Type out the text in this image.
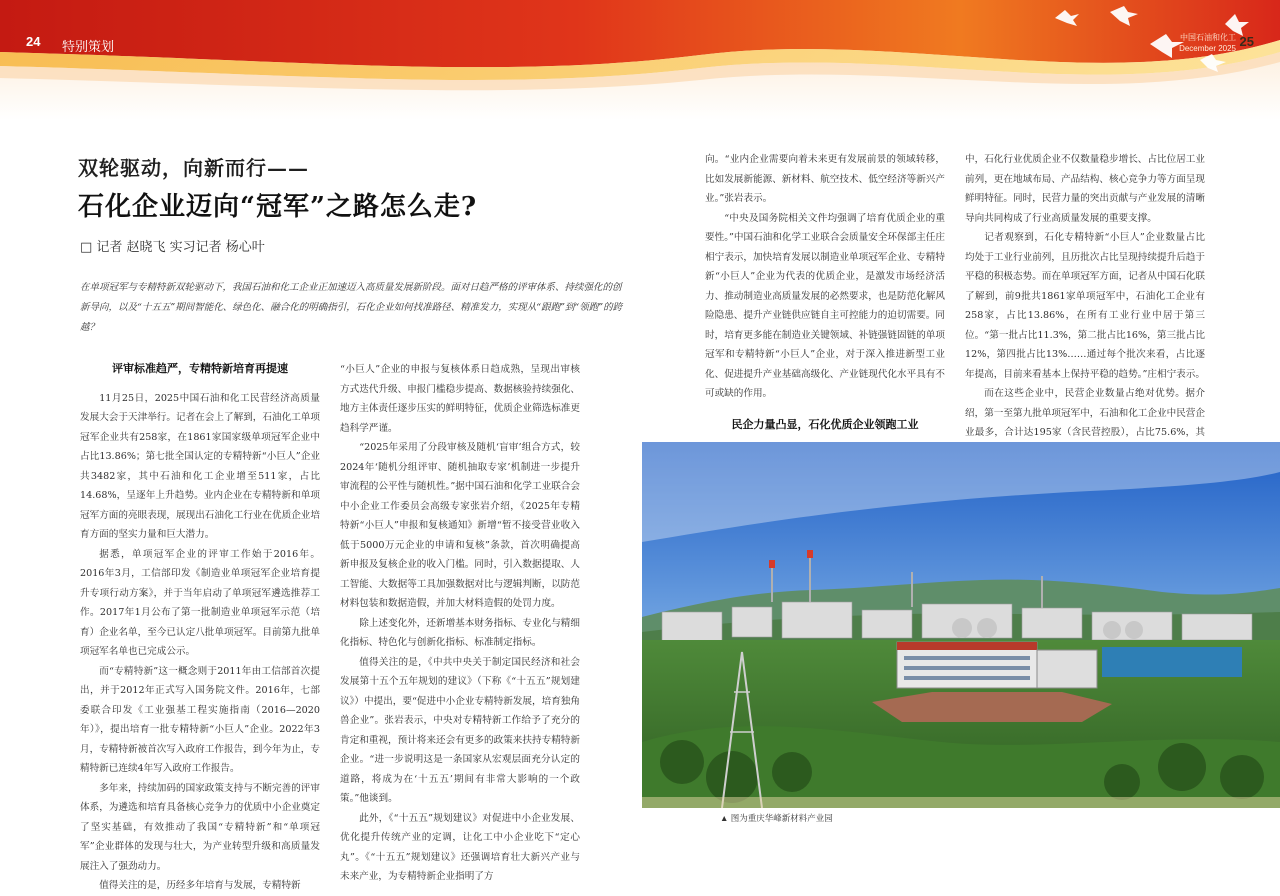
24 特别策划
中国石油和化工
December 2025 25
双轮驱动，向新而行——
石化企业迈向“冠军”之路怎么走?
□ 记者 赵晓飞 实习记者 杨心叶
在单项冠军与专精特新双轮驱动下，我国石油和化工企业正加速迈入高质量发展新阶段。面对日趋严格的评审体系、持续强化的创新导向，以及“十五五”期间智能化、绿色化、融合化的明确指引，石化企业如何找准路径、精准发力，实现从“跟跑”到“领跑”的跨越？
评审标准趋严，专精特新培育再提速

11月25日，2025中国石油和化工民营经济高质量发展大会于天津举行。记者在会上了解到，石油化工单项冠军企业共有258家，在1861家国家级单项冠军企业中占比13.86%；第七批全国认定的专精特新“小巨人”企业共3482家，其中石油和化工企业增至511家，占比14.68%，呈逐年上升趋势。业内企业在专精特新和单项冠军方面的亮眼表现，展现出石油化工行业在优质企业培育方面的坚实力量和巨大潜力。

据悉，单项冠军企业的评审工作始于2016年。2016年3月，工信部印发《制造业单项冠军企业培育提升专项行动方案》，并于当年启动了单项冠军遴选推荐工作。2017年1月公布了第一批制造业单项冠军示范（培育）企业名单，至今已认定八批单项冠军。目前第九批单项冠军名单也已完成公示。

而“专精特新”这一概念则于2011年由工信部首次提出，并于2012年正式写入国务院文件。2016年，七部委联合印发《工业强基工程实施指南（2016—2020年）》，提出培育一批专精特新“小巨人”企业。2022年3月，专精特新被首次写入政府工作报告，到今年为止，专精特新已连续4年写入政府工作报告。

多年来，持续加码的国家政策支持与不断完善的评审体系，为遴选和培育具备核心竞争力的优质中小企业奠定了坚实基础，有效推动了我国“专精特新”和“单项冠军”企业群体的发现与壮大，为产业转型升级和高质量发展注入了强劲动力。

值得关注的是，历经多年培育与发展，专精特新

“小巨人”企业的申报与复核体系日趋成熟，呈现出审核方式迭代升级、申报门槛稳步提高、数据核验持续强化、地方主体责任逐步压实的鲜明特征，优质企业筛选标准更趋科学严谨。

“2025年采用了分段审核及随机‘盲审’组合方式，较2024年‘随机分组评审、随机抽取专家’机制进一步提升审流程的公平性与随机性。”据中国石油和化学工业联合会中小企业工作委员会高级专家张岩介绍，《2025年专精特新“小巨人”申报和复核通知》新增“暂不接受营业收入低于5000万元企业的申请和复核”条款，首次明确提高新申报及复核企业的收入门槛。同时，引入数据提取、人工智能、大数据等工具加强数据对比与逻辑判断，以防范材料包装和数据造假，并加大材料造假的处罚力度。

除上述变化外，还新增基本财务指标、专业化与精细化指标、特色化与创新化指标、标准制定指标。

值得关注的是，《中共中央关于制定国民经济和社会发展第十五个五年规划的建议》（下称《“十五五”规划建议》）中提出，要“促进中小企业专精特新发展，培育独角兽企业”。张岩表示，中央对专精特新工作给予了充分的肯定和重视，预计将来还会有更多的政策来扶持专精特新企业。“进一步说明这是一条国家从宏观层面充分认定的道路，将成为在‘十五五’期间有非常大影响的一个政策。”他谈到。

此外，《“十五五”规划建议》对促进中小企业发展、优化提升传统产业的定调，让化工中小企业吃下“定心丸”。《“十五五”规划建议》还强调培育壮大新兴产业与未来产业，为专精特新企业指明了方

向。“业内企业需要向着未来更有发展前景的领域转移，比如发展新能源、新材料、航空技术、低空经济等新兴产业。”张岩表示。

“中央及国务院相关文件均强调了培育优质企业的重要性。”中国石油和化学工业联合会质量安全环保部主任庄相宁表示，加快培育发展以制造业单项冠军企业、专精特新“小巨人”企业为代表的优质企业，是激发市场经济活力、推动制造业高质量发展的必然要求，也是防范化解风险隐患、提升产业链供应链自主可控能力的迫切需要。同时，培育更多能在制造业关键领域、补链强链固链的单项冠军和专精特新“小巨人”企业，对于深入推进新型工业化、促进提升产业基础高级化、产业链现代化水平具有不可或缺的作用。

民企力量凸显，石化优质企业领跑工业

中，石化行业优质企业不仅数量稳步增长、占比位居工业前列，更在地域布局、产品结构、核心竞争力等方面呈现鲜明特征。同时，民营力量的突出贡献与产业发展的清晰导向共同构成了行业高质量发展的重要支撑。

记者观察到，石化专精特新“小巨人”企业数量占比均处于工业行业前列，且历批次占比呈现持续提升后趋于平稳的积极态势。而在单项冠军方面，记者从中国石化联了解到，前9批共1861家单项冠军中，石油化工企业有258家，占比13.86%，在所有工业行业中居于第三位。“第一批占比11.3%，第二批占比16%，第三批占比12%，第四批占比13%……通过每个批次来看，占比逐年提高，目前来看基本上保持平稳的趋势。”庄相宁表示。

而在这些企业中，民营企业数量占绝对优势。据介绍，第一至第九批单项冠军中，石油和化工企业中民营企业最多，合计达195家（含民营控股），占比75.6%，其

▲ 图为重庆华峰新材料产业园
